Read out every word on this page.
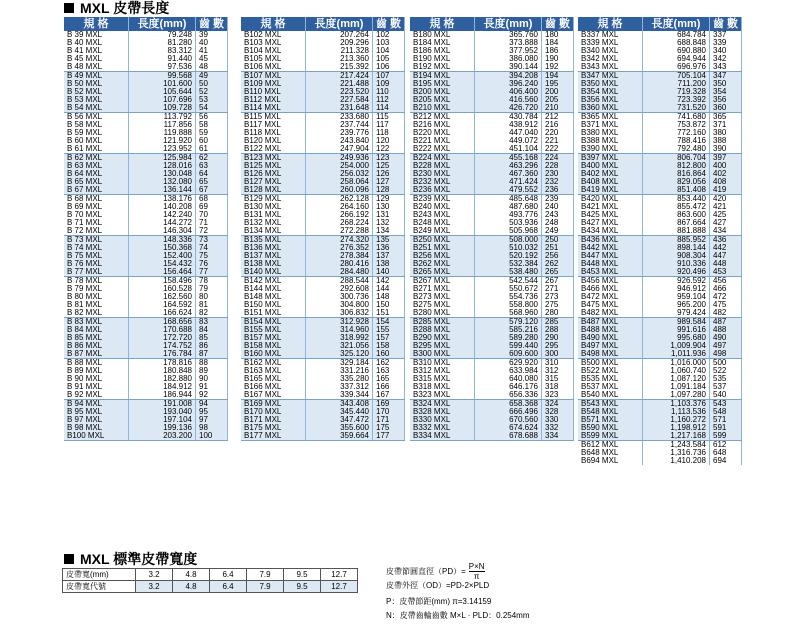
MXL 皮帶長度
規 格	長度(mm)	齒 數
B 39 MXL	79.248	39
B 40 MXL	81.280	40
B 41 MXL	83.312	41
B 45 MXL	91.440	45
B 48 MXL	97.536	48
B 49 MXL	99.568	49
B 50 MXL	101.600	50
B 52 MXL	105.644	52
B 53 MXL	107.696	53
B 54 MXL	109.728	54
B 56 MXL	113.792	56
B 58 MXL	117.856	58
B 59 MXL	119.888	59
B 60 MXL	121.920	60
B 61 MXL	123.952	61
B 62 MXL	125.984	62
B 63 MXL	128.016	63
B 64 MXL	130.048	64
B 65 MXL	132.080	65
B 67 MXL	136.144	67
B 68 MXL	138.176	68
B 69 MXL	140.208	69
B 70 MXL	142.240	70
B 71 MXL	144.272	71
B 72 MXL	146.304	72
B 73 MXL	148.336	73
B 74 MXL	150.368	74
B 75 MXL	152.400	75
B 76 MXL	154.432	76
B 77 MXL	156.464	77
B 78 MXL	158.496	78
B 79 MXL	160.528	79
B 80 MXL	162.560	80
B 81 MXL	164.592	81
B 82 MXL	166.624	82
B 83 MXL	168.656	83
B 84 MXL	170.688	84
B 85 MXL	172.720	85
B 86 MXL	174.752	86
B 87 MXL	176.784	87
B 88 MXL	178.816	88
B 89 MXL	180.848	89
B 90 MXL	182.880	90
B 91 MXL	184.912	91
B 92 MXL	186.944	92
B 94 MXL	191.008	94
B 95 MXL	193.040	95
B 97 MXL	197.104	97
B 98 MXL	199.136	98
B100 MXL	203.200	100
規 格	長度(mm)	齒 數
B102 MXL	207.264	102
B103 MXL	209.296	103
B104 MXL	211.328	104
B105 MXL	213.360	105
B106 MXL	215.392	106
B107 MXL	217.424	107
B109 MXL	221.488	109
B110 MXL	223.520	110
B112 MXL	227.584	112
B114 MXL	231.648	114
B115 MXL	233.680	115
B117 MXL	237.744	117
B118 MXL	239.776	118
B120 MXL	243.840	120
B122 MXL	247.904	122
B123 MXL	249.936	123
B125 MXL	254.000	125
B126 MXL	256.032	126
B127 MXL	258.064	127
B128 MXL	260.096	128
B129 MXL	262.128	129
B130 MXL	264.160	130
B131 MXL	266.192	131
B132 MXL	268.224	132
B134 MXL	272.288	134
B135 MXL	274.320	135
B136 MXL	276.352	136
B137 MXL	278.384	137
B138 MXL	280.416	138
B140 MXL	284.480	140
B142 MXL	288.544	142
B144 MXL	292.608	144
B148 MXL	300.736	148
B150 MXL	304.800	150
B151 MXL	306.832	151
B154 MXL	312.928	154
B155 MXL	314.960	155
B157 MXL	318.992	157
B158 MXL	321.056	158
B160 MXL	325.120	160
B162 MXL	329.184	162
B163 MXL	331.216	163
B165 MXL	335.280	165
B166 MXL	337.312	166
B167 MXL	339.344	167
B169 MXL	343.408	169
B170 MXL	345.440	170
B171 MXL	347.472	171
B175 MXL	355.600	175
B177 MXL	359.664	177
規 格	長度(mm)	齒 數
B180 MXL	365.760	180
B184 MXL	373.888	184
B186 MXL	377.952	186
B190 MXL	386.080	190
B192 MXL	390.144	192
B194 MXL	394.208	194
B195 MXL	396.240	195
B200 MXL	406.400	200
B205 MXL	416.560	205
B210 MXL	426.720	210
B212 MXL	430.784	212
B216 MXL	438.912	216
B220 MXL	447.040	220
B221 MXL	449.072	221
B222 MXL	451.104	222
B224 MXL	455.168	224
B228 MXL	463.296	228
B230 MXL	467.360	230
B232 MXL	471.424	232
B236 MXL	479.552	236
B239 MXL	485.648	239
B240 MXL	487.680	240
B243 MXL	493.776	243
B248 MXL	503.936	248
B249 MXL	505.968	249
B250 MXL	508.000	250
B251 MXL	510.032	251
B256 MXL	520.192	256
B262 MXL	532.384	262
B265 MXL	538.480	265
B267 MXL	542.544	267
B271 MXL	550.672	271
B273 MXL	554.736	273
B275 MXL	558.800	275
B280 MXL	568.960	280
B285 MXL	579.120	285
B288 MXL	585.216	288
B290 MXL	589.280	290
B295 MXL	599.440	295
B300 MXL	609.600	300
B310 MXL	629.920	310
B312 MXL	633.984	312
B315 MXL	640.080	315
B318 MXL	646.176	318
B323 MXL	656.336	323
B324 MXL	658.368	324
B328 MXL	666.496	328
B330 MXL	670.560	330
B332 MXL	674.624	332
B334 MXL	678.688	334
規 格	長度(mm)	齒 數
B337 MXL	684.784	337
B339 MXL	688.848	339
B340 MXL	690.880	340
B342 MXL	694.944	342
B343 MXL	696.976	343
B347 MXL	705.104	347
B350 MXL	711.200	350
B354 MXL	719.328	354
B356 MXL	723.392	356
B360 MXL	731.520	360
B365 MXL	741.680	365
B371 MXL	753.872	371
B380 MXL	772.160	380
B388 MXL	788.416	388
B390 MXL	792.480	390
B397 MXL	806.704	397
B400 MXL	812.800	400
B402 MXL	816.864	402
B408 MXL	829.056	408
B419 MXL	851.408	419
B420 MXL	853.440	420
B421 MXL	855.472	421
B425 MXL	863.600	425
B427 MXL	867.664	427
B434 MXL	881.888	434
B436 MXL	885.952	436
B442 MXL	898.144	442
B447 MXL	908.304	447
B448 MXL	910.336	448
B453 MXL	920.496	453
B456 MXL	926.592	456
B466 MXL	946.912	466
B472 MXL	959.104	472
B475 MXL	965.200	475
B482 MXL	979.424	482
B487 MXL	989.584	487
B488 MXL	991.616	488
B490 MXL	995.680	490
B497 MXL	1,009.904	497
B498 MXL	1,011.936	498
B500 MXL	1,016.000	500
B522 MXL	1,060.740	522
B535 MXL	1,087.120	535
B537 MXL	1,091.184	537
B540 MXL	1,097.280	540
B543 MXL	1,103.376	543
B548 MXL	1,113.536	548
B571 MXL	1,160.272	571
B590 MXL	1,198.912	591
B599 MXL	1,217.168	599
B612 MXL	1,243.584	612
B648 MXL	1,316.736	648
B694 MXL	1,410.208	694
MXL 標準皮帶寬度
皮帶寬(mm)	3.2	4.8	6.4	7.9	9.5	12.7
皮帶寬代號	3.2	4.8	6.4	7.9	9.5	12.7
皮帶節圓直徑$(PD)= \frac{P\times N}{\pi}$
皮帶外徑（OD）=PD-2×PLD
P：皮帶節距(mm) π=3.14159
N：皮帶齒輪齒數 M×L · PLD：0.254mm
